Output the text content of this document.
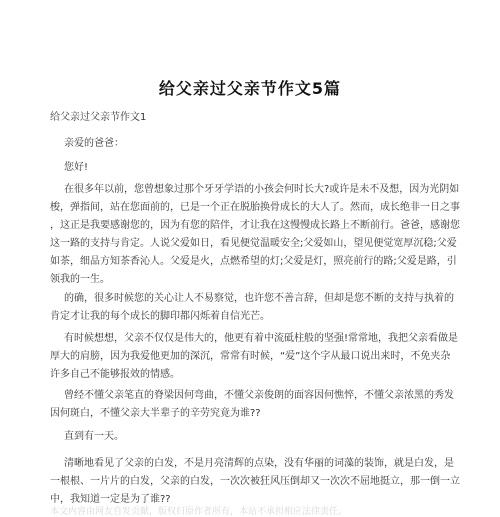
给父亲过父亲节作文5篇
给父亲过父亲节作文1
亲爱的爸爸：
您好!
在很多年以前，您曾想象过那个牙牙学语的小孩会何时长大?或许是未不及想，因为光阴如
梭，弹指间，站在您面前的，已是一个正在脱胎换骨成长的大人了。然而，成长绝非一日之事
，这正是我要感谢您的，因为有您的陪伴，才让我在这慢慢成长路上不断前行。爸爸，感谢您
这一路的支持与肯定。人说父爱如日，看见便觉温暖安全;父爱如山，望见便觉宽厚沉稳;父爱
如茶，细品方知茶香沁人。父爱是火，点燃希望的灯;父爱是灯，照亮前行的路;父爱是路，引
领我的一生。
的确，很多时候您的关心让人不易察觉，也许您不善言辞，但却是您不断的支持与执着的
肯定才让我的每个成长的脚印都闪烁着自信光芒。
有时候想想，父亲不仅仅是伟大的，他更有着中流砥柱般的坚强!常常地，我把父亲看做是
厚大的肩膀，因为我爱他更加的深沉，常常有时候，“爱”这个字从最口说出来时，不免夹杂
许多自己不能够报效的情感。
曾经不懂父亲笔直的脊梁因何弯曲，不懂父亲俊朗的面容因何憔悴，不懂父亲浓黑的秀发
因何斑白，不懂父亲大半辈子的辛劳究竟为谁??
直到有一天。
清晰地看见了父亲的白发，不是月亮清辉的点染，没有华丽的词藻的装饰，就是白发，是
一根根、一片片的白发，父亲的白发，一次次被狂风压倒却又一次次不屈地挺立，那一倒一立
中，我知道一定是为了谁??
本文内容由网友自发贡献，版权归原作者所有，本站不承担相应法律责任。
